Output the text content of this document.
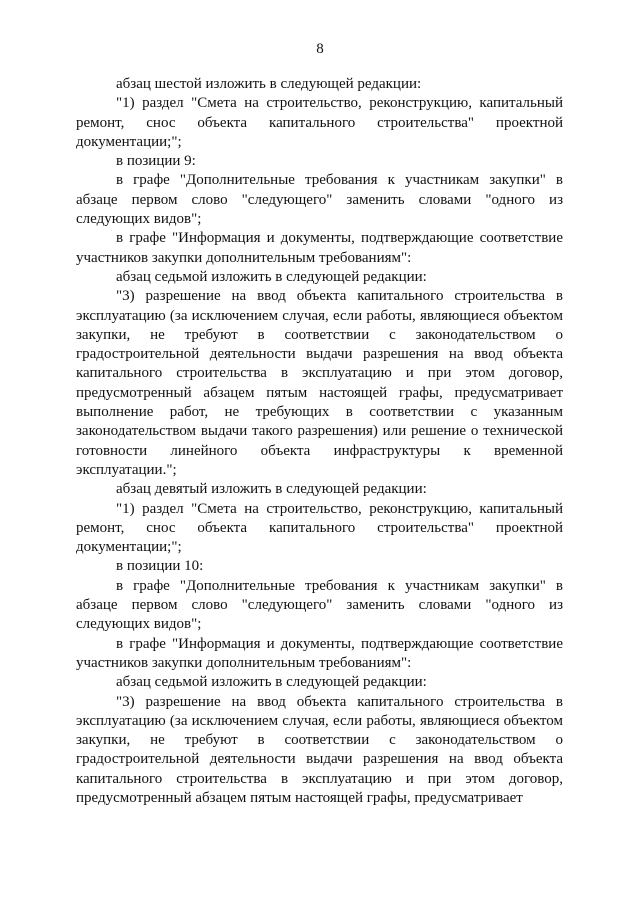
8

абзац шестой изложить в следующей редакции:

"1) раздел "Смета на строительство, реконструкцию, капитальный ремонт, снос объекта капитального строительства" проектной документации;";

в позиции 9:

в графе "Дополнительные требования к участникам закупки" в абзаце первом слово "следующего" заменить словами "одного из следующих видов";

в графе "Информация и документы, подтверждающие соответствие участников закупки дополнительным требованиям":

абзац седьмой изложить в следующей редакции:

"3) разрешение на ввод объекта капитального строительства в эксплуатацию (за исключением случая, если работы, являющиеся объектом закупки, не требуют в соответствии с законодательством о градостроительной деятельности выдачи разрешения на ввод объекта капитального строительства в эксплуатацию и при этом договор, предусмотренный абзацем пятым настоящей графы, предусматривает выполнение работ, не требующих в соответствии с указанным законодательством выдачи такого разрешения) или решение о технической готовности линейного объекта инфраструктуры к временной эксплуатации.";

абзац девятый изложить в следующей редакции:

"1) раздел "Смета на строительство, реконструкцию, капитальный ремонт, снос объекта капитального строительства" проектной документации;";

в позиции 10:

в графе "Дополнительные требования к участникам закупки" в абзаце первом слово "следующего" заменить словами "одного из следующих видов";

в графе "Информация и документы, подтверждающие соответствие участников закупки дополнительным требованиям":

абзац седьмой изложить в следующей редакции:

"3) разрешение на ввод объекта капитального строительства в эксплуатацию (за исключением случая, если работы, являющиеся объектом закупки, не требуют в соответствии с законодательством о градостроительной деятельности выдачи разрешения на ввод объекта капитального строительства в эксплуатацию и при этом договор, предусмотренный абзацем пятым настоящей графы, предусматривает
